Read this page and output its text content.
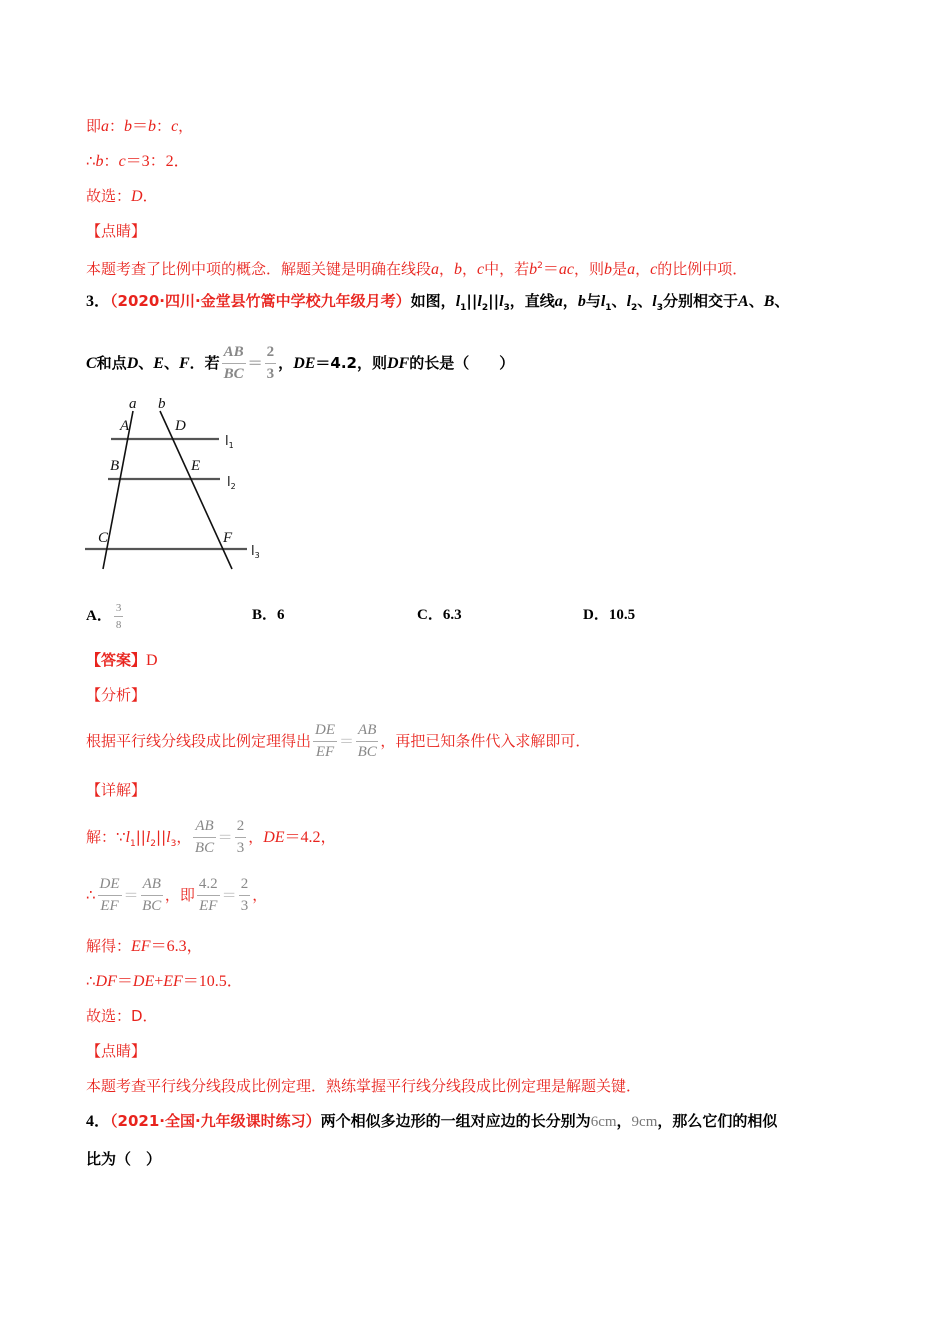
即a：b＝b：c，
∴b：c＝3：2．
故选：D．
【点睛】
本题考查了比例中项的概念．解题关键是明确在线段a，b，c中，若$b^2=ac$，则b是a，c的比例中项．
3．（2020·四川·金堂县竹篙中学校九年级月考）如图，$l_1||l_2||l_3$，直线a，b与$l_1$、$l_2$、$l_3$分别相交于A、B、
C和点D、E、F．若 $\frac{AB}{BC} = \frac{2}{3}$ ，DE＝4.2，则DF的长是（　　）
a b
A	D
B	E
C	F
$l_1$
$l_2$
$l_3$
A． $\frac{3}{8}$	B．6	C．6.3	D．10.5
【答案】D
【分析】
根据平行线分线段成比例定理得出 $\frac{DE}{EF} = \frac{AB}{BC}$ ，再把已知条件代入求解即可．
【详解】
解：$\because l_1||l_2||l_3$， $\frac{AB}{BC} = \frac{2}{3}$ ，DE＝4.2，
∴ $\frac{DE}{EF} = \frac{AB}{BC}$ ，即 $\frac{4.2}{EF} = \frac{2}{3}$ ，
解得：EF＝6.3，
∴DF＝DE+EF＝10.5．
故选：D．
【点睛】
本题考查平行线分线段成比例定理．熟练掌握平行线分线段成比例定理是解题关键．
4．（2021·全国·九年级课时练习）两个相似多边形的一组对应边的长分别为6cm，9cm，那么它们的相似
比为（　）
